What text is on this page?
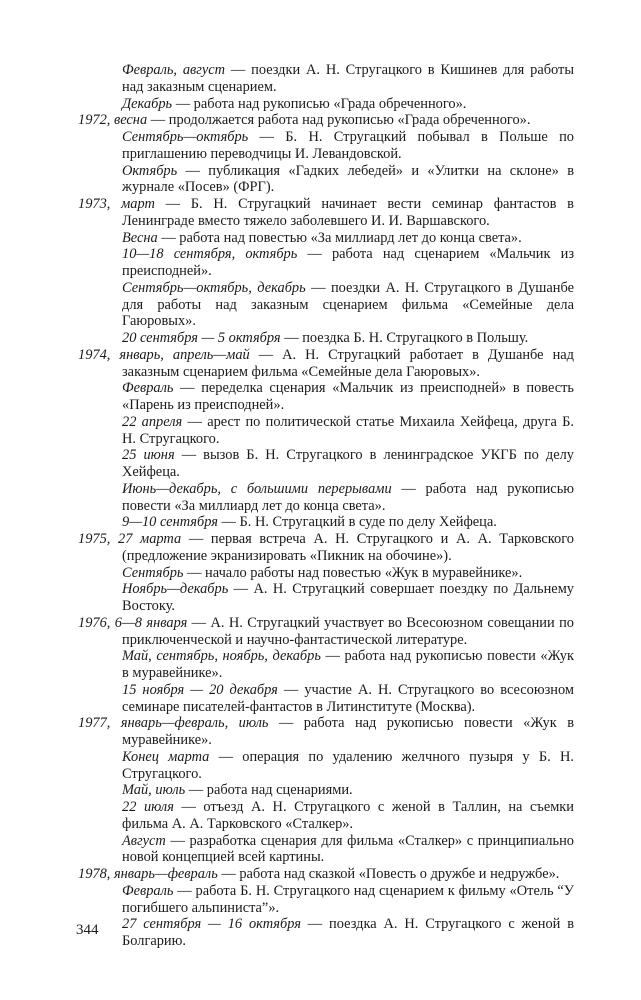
Февраль, август — поездки А. Н. Стругацкого в Кишинев для работы над заказным сценарием.
Декабрь — работа над рукописью «Града обреченного».
1972, весна — продолжается работа над рукописью «Града обреченного».
Сентябрь—октябрь — Б. Н. Стругацкий побывал в Польше по приглашению переводчицы И. Левандовской.
Октябрь — публикация «Гадких лебедей» и «Улитки на склоне» в журнале «Посев» (ФРГ).
1973, март — Б. Н. Стругацкий начинает вести семинар фантастов в Ленинграде вместо тяжело заболевшего И. И. Варшавского.
Весна — работа над повестью «За миллиард лет до конца света».
10—18 сентября, октябрь — работа над сценарием «Мальчик из преисподней».
Сентябрь—октябрь, декабрь — поездки А. Н. Стругацкого в Душанбе для работы над заказным сценарием фильма «Семейные дела Гаюровых».
20 сентября — 5 октября — поездка Б. Н. Стругацкого в Польшу.
1974, январь, апрель—май — А. Н. Стругацкий работает в Душанбе над заказным сценарием фильма «Семейные дела Гаюровых».
Февраль — переделка сценария «Мальчик из преисподней» в повесть «Парень из преисподней».
22 апреля — арест по политической статье Михаила Хейфеца, друга Б. Н. Стругацкого.
25 июня — вызов Б. Н. Стругацкого в ленинградское УКГБ по делу Хейфеца.
Июнь—декабрь, с большими перерывами — работа над рукописью повести «За миллиард лет до конца света».
9—10 сентября — Б. Н. Стругацкий в суде по делу Хейфеца.
1975, 27 марта — первая встреча А. Н. Стругацкого и А. А. Тарковского (предложение экранизировать «Пикник на обочине»).
Сентябрь — начало работы над повестью «Жук в муравейнике».
Ноябрь—декабрь — А. Н. Стругацкий совершает поездку по Дальнему Востоку.
1976, 6—8 января — А. Н. Стругацкий участвует во Всесоюзном совещании по приключенческой и научно-фантастической литературе.
Май, сентябрь, ноябрь, декабрь — работа над рукописью повести «Жук в муравейнике».
15 ноября — 20 декабря — участие А. Н. Стругацкого во всесоюзном семинаре писателей-фантастов в Литинституте (Москва).
1977, январь—февраль, июль — работа над рукописью повести «Жук в муравейнике».
Конец марта — операция по удалению желчного пузыря у Б. Н. Стругацкого.
Май, июль — работа над сценариями.
22 июля — отъезд А. Н. Стругацкого с женой в Таллин, на съемки фильма А. А. Тарковского «Сталкер».
Август — разработка сценария для фильма «Сталкер» с принципиально новой концепцией всей картины.
1978, январь—февраль — работа над сказкой «Повесть о дружбе и недружбе».
Февраль — работа Б. Н. Стругацкого над сценарием к фильму «Отель “У погибшего альпиниста”».
27 сентября — 16 октября — поездка А. Н. Стругацкого с женой в Болгарию.
344
